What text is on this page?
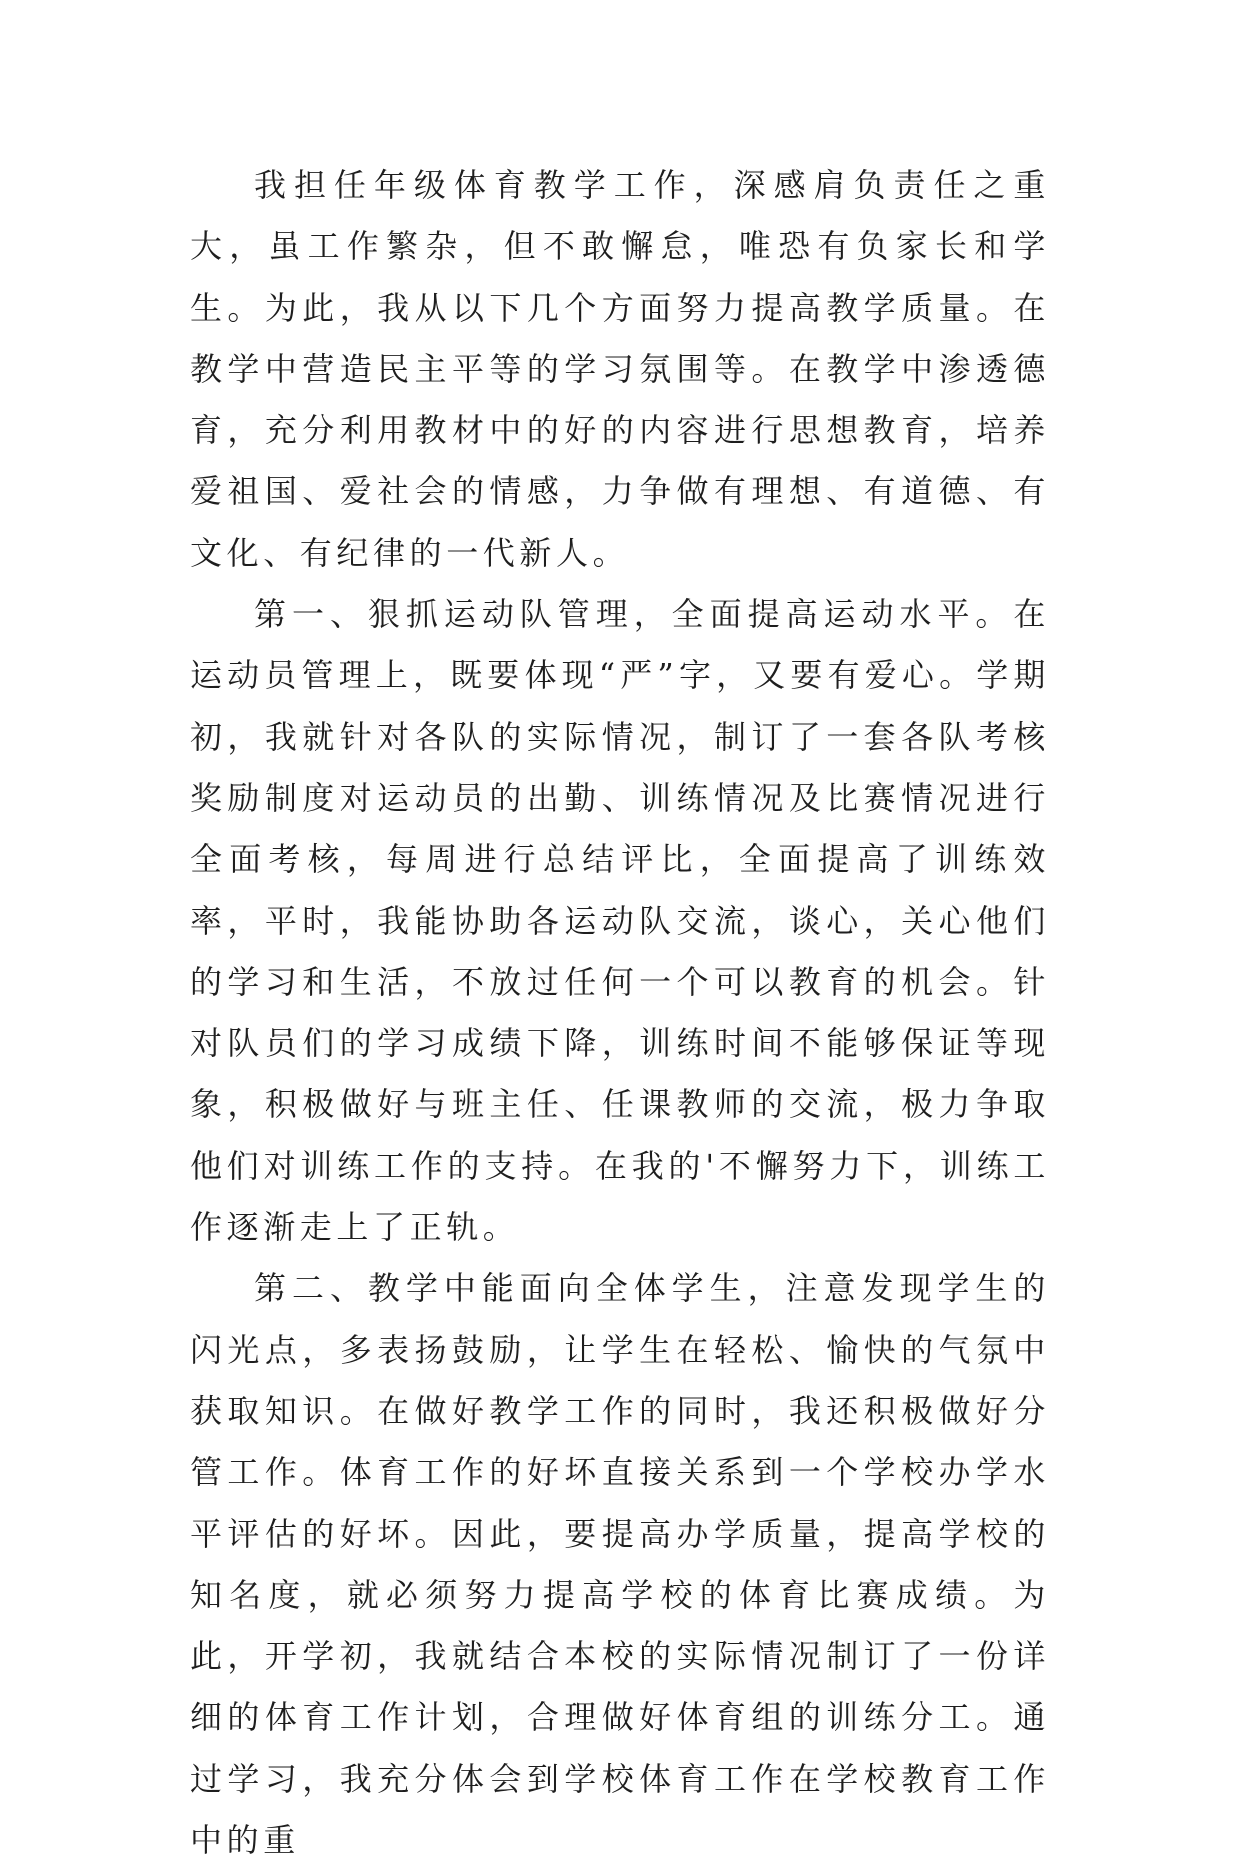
我担任年级体育教学工作，深感肩负责任之重大，虽工作繁杂，但不敢懈怠，唯恐有负家长和学生。为此，我从以下几个方面努力提高教学质量。在教学中营造民主平等的学习氛围等。在教学中渗透德育，充分利用教材中的好的内容进行思想教育，培养爱祖国、爱社会的情感，力争做有理想、有道德、有文化、有纪律的一代新人。

第一、狠抓运动队管理，全面提高运动水平。在运动员管理上，既要体现“严”字，又要有爱心。学期初，我就针对各队的实际情况，制订了一套各队考核奖励制度对运动员的出勤、训练情况及比赛情况进行全面考核，每周进行总结评比，全面提高了训练效率，平时，我能协助各运动队交流，谈心，关心他们的学习和生活，不放过任何一个可以教育的机会。针对队员们的学习成绩下降，训练时间不能够保证等现象，积极做好与班主任、任课教师的交流，极力争取他们对训练工作的支持。在我的'不懈努力下，训练工作逐渐走上了正轨。

第二、教学中能面向全体学生，注意发现学生的闪光点，多表扬鼓励，让学生在轻松、愉快的气氛中获取知识。在做好教学工作的同时，我还积极做好分管工作。体育工作的好坏直接关系到一个学校办学水平评估的好坏。因此，要提高办学质量，提高学校的知名度，就必须努力提高学校的体育比赛成绩。为此，开学初，我就结合本校的实际情况制订了一份详细的体育工作计划，合理做好体育组的训练分工。通过学习，我充分体会到学校体育工作在学校教育工作中的重
